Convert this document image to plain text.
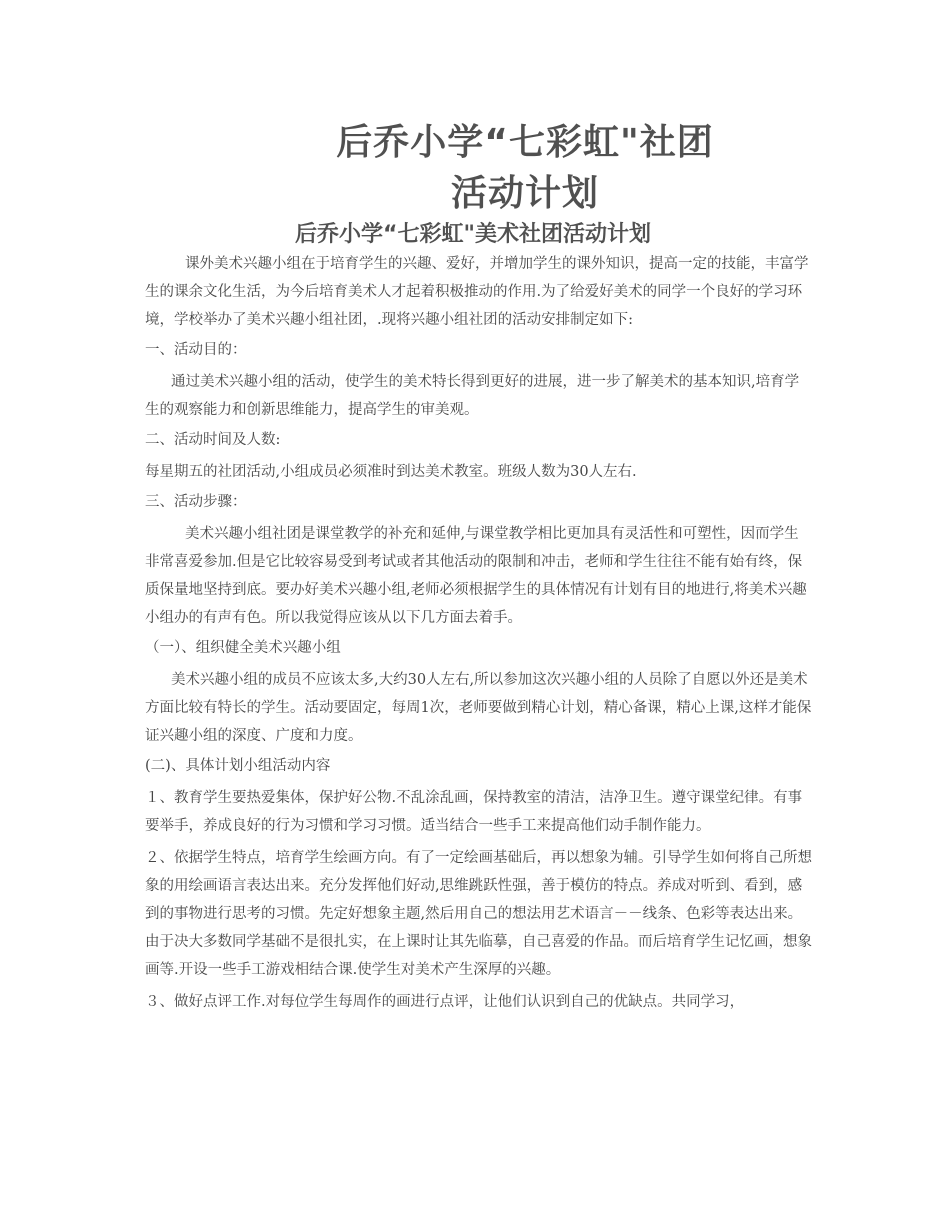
后乔小学“七彩虹"社团
活动计划
后乔小学“七彩虹"美术社团活动计划

课外美术兴趣小组在于培育学生的兴趣、爱好，并增加学生的课外知识，提高一定的技能，丰富学生的课余文化生活，为今后培育美术人才起着积极推动的作用.为了给爱好美术的同学一个良好的学习环境，学校举办了美术兴趣小组社团，.现将兴趣小组社团的活动安排制定如下:

一、活动目的：

通过美术兴趣小组的活动，使学生的美术特长得到更好的进展，进一步了解美术的基本知识,培育学生的观察能力和创新思维能力，提高学生的审美观。

二、活动时间及人数:

每星期五的社团活动,小组成员必须准时到达美术教室。班级人数为30人左右.

三、活动步骤：

美术兴趣小组社团是课堂教学的补充和延伸,与课堂教学相比更加具有灵活性和可塑性，因而学生非常喜爱参加.但是它比较容易受到考试或者其他活动的限制和冲击，老师和学生往往不能有始有终，保质保量地坚持到底。要办好美术兴趣小组,老师必须根据学生的具体情况有计划有目的地进行,将美术兴趣小组办的有声有色。所以我觉得应该从以下几方面去着手。

（一）、组织健全美术兴趣小组

美术兴趣小组的成员不应该太多,大约30人左右,所以参加这次兴趣小组的人员除了自愿以外还是美术方面比较有特长的学生。活动要固定，每周1次，老师要做到精心计划，精心备课，精心上课,这样才能保证兴趣小组的深度、广度和力度。

(二)、具体计划小组活动内容

１、教育学生要热爱集体，保护好公物.不乱涂乱画，保持教室的清洁，洁净卫生。遵守课堂纪律。有事要举手，养成良好的行为习惯和学习习惯。适当结合一些手工来提高他们动手制作能力。

２、依据学生特点，培育学生绘画方向。有了一定绘画基础后，再以想象为辅。引导学生如何将自己所想象的用绘画语言表达出来。充分发挥他们好动,思维跳跃性强，善于模仿的特点。养成对听到、看到，感到的事物进行思考的习惯。先定好想象主题,然后用自己的想法用艺术语言－－线条、色彩等表达出来。由于决大多数同学基础不是很扎实，在上课时让其先临摹，自己喜爱的作品。而后培育学生记忆画，想象画等.开设一些手工游戏相结合课.使学生对美术产生深厚的兴趣。

３、做好点评工作.对每位学生每周作的画进行点评，让他们认识到自己的优缺点。共同学习，
